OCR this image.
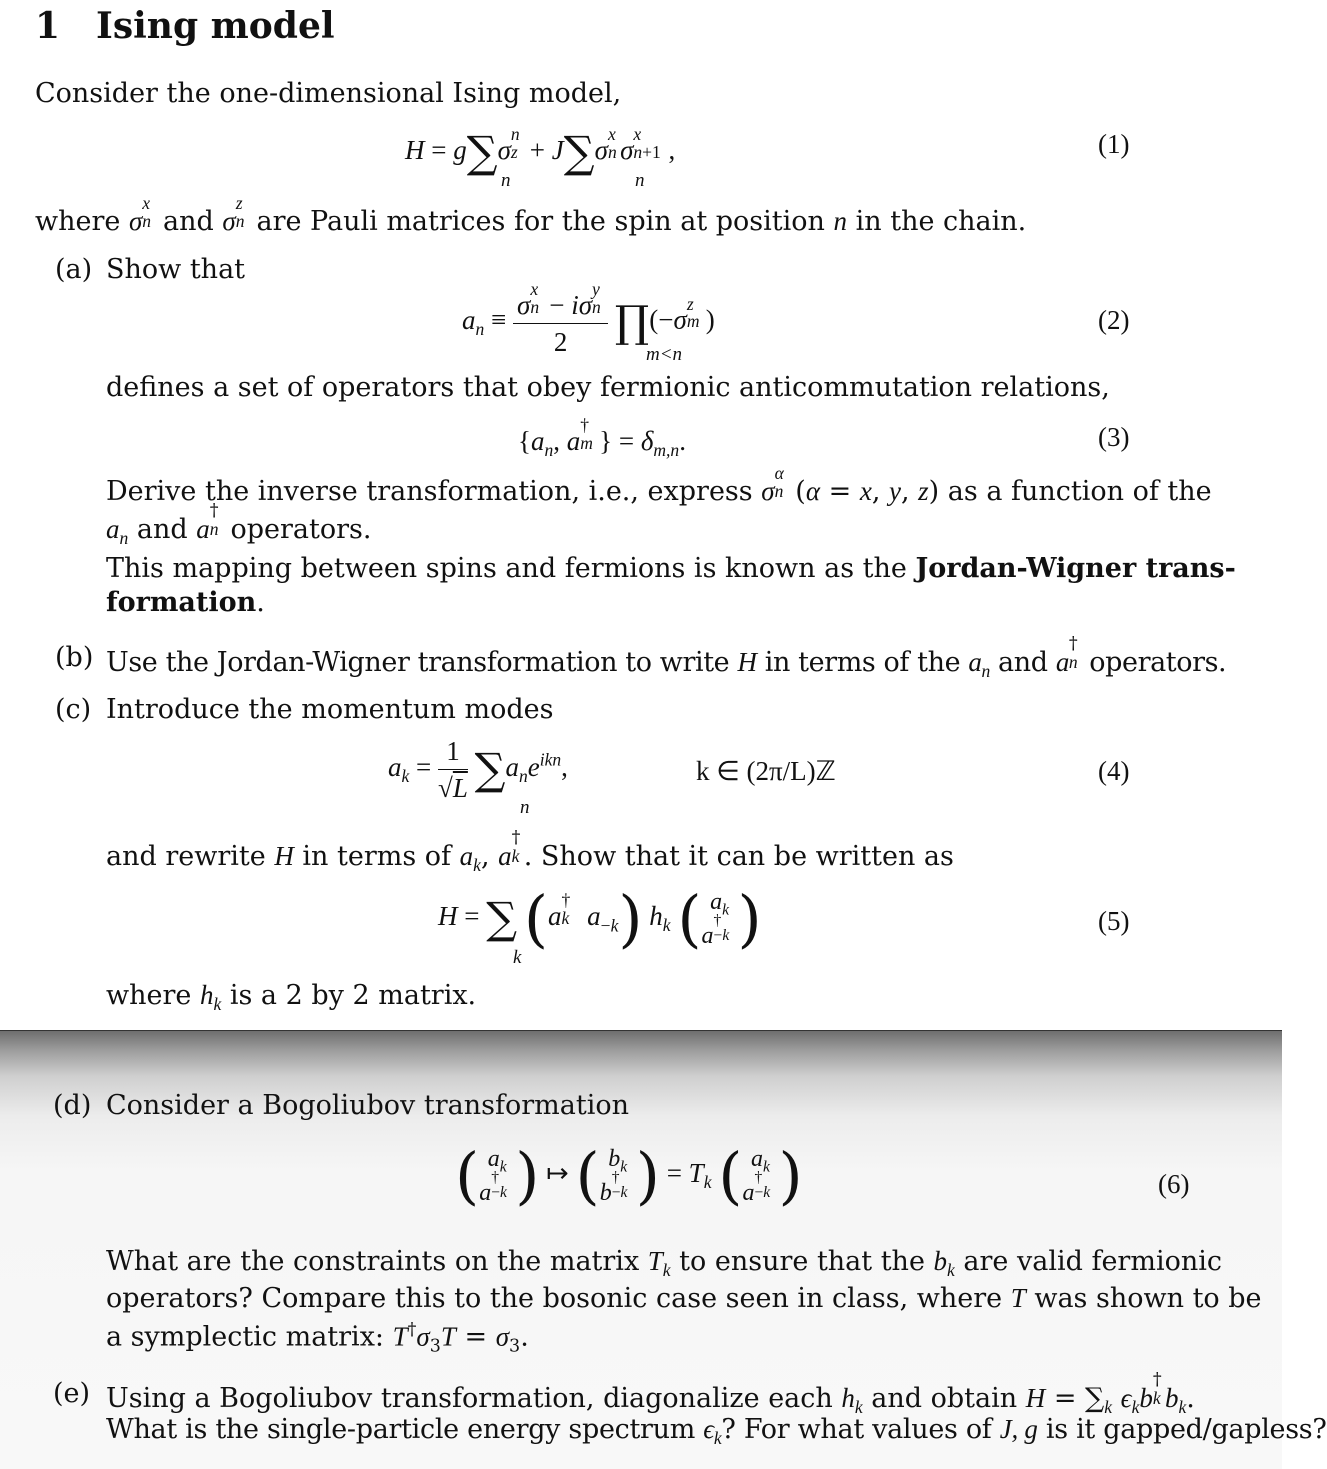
1 Ising model
Consider the one-dimensional Ising model,
H = g∑σ
n
z + J∑σ
x
n σ
x
n+1 ,
n	n
(1)
where σ
x
n and σ
z
n are Pauli matrices for the spin at position n in the chain.
(a) Show that
$a_n \equiv \sigma$
x
n − iσ
y
n
2 ∏(−σ
z
m )
m<n
(2)
defines a set of operators that obey fermionic anticommutation relations,
{$a_n$, a
†
m } = $\delta_{m,n}$.	(3)
Derive the inverse transformation, i.e., express σ
α
n (α = x, y, z) as a function of the
$a_n$ and a
†
n operators.
This mapping between spins and fermions is known as the Jordan-Wigner trans-
formation.
(b) Use the Jordan-Wigner transformation to write H in terms of the $a_n$ and a
†
n operators.
(c) Introduce the momentum modes
$a_k = \frac{1}{√L} \sum a_ne^{ikn}$,
n
k ∈ (2π/L)ℤ	(4)
and rewrite H in terms of $a_k$, a
†
k . Show that it can be written as
H = ∑ (a
†
k $a_{-k}$) $h_k$ ( $a_k$
a
†
−k )
k
(5)
where $h_k$ is a 2 by 2 matrix.
(d) Consider a Bogoliubov transformation
( $a_k$
a
†
−k ) ↦ ( $b_k$
b
†
−k ) = $T_k$ ( $a_k$
a
†
−k )	(6)
What are the constraints on the matrix $T_k$ to ensure that the $b_k$ are valid fermionic
operators? Compare this to the bosonic case seen in class, where T was shown to be
a symplectic matrix: $T^\dagger\sigma_3T = \sigma_3$.
(e) Using a Bogoliubov transformation, diagonalize each $h_k$ and obtain $H = \sum_k$ $\epsilon_kb$
†
k $b_k$.
What is the single-particle energy spectrum $\epsilon_k$? For what values of J, g is it gapped/gapless?
